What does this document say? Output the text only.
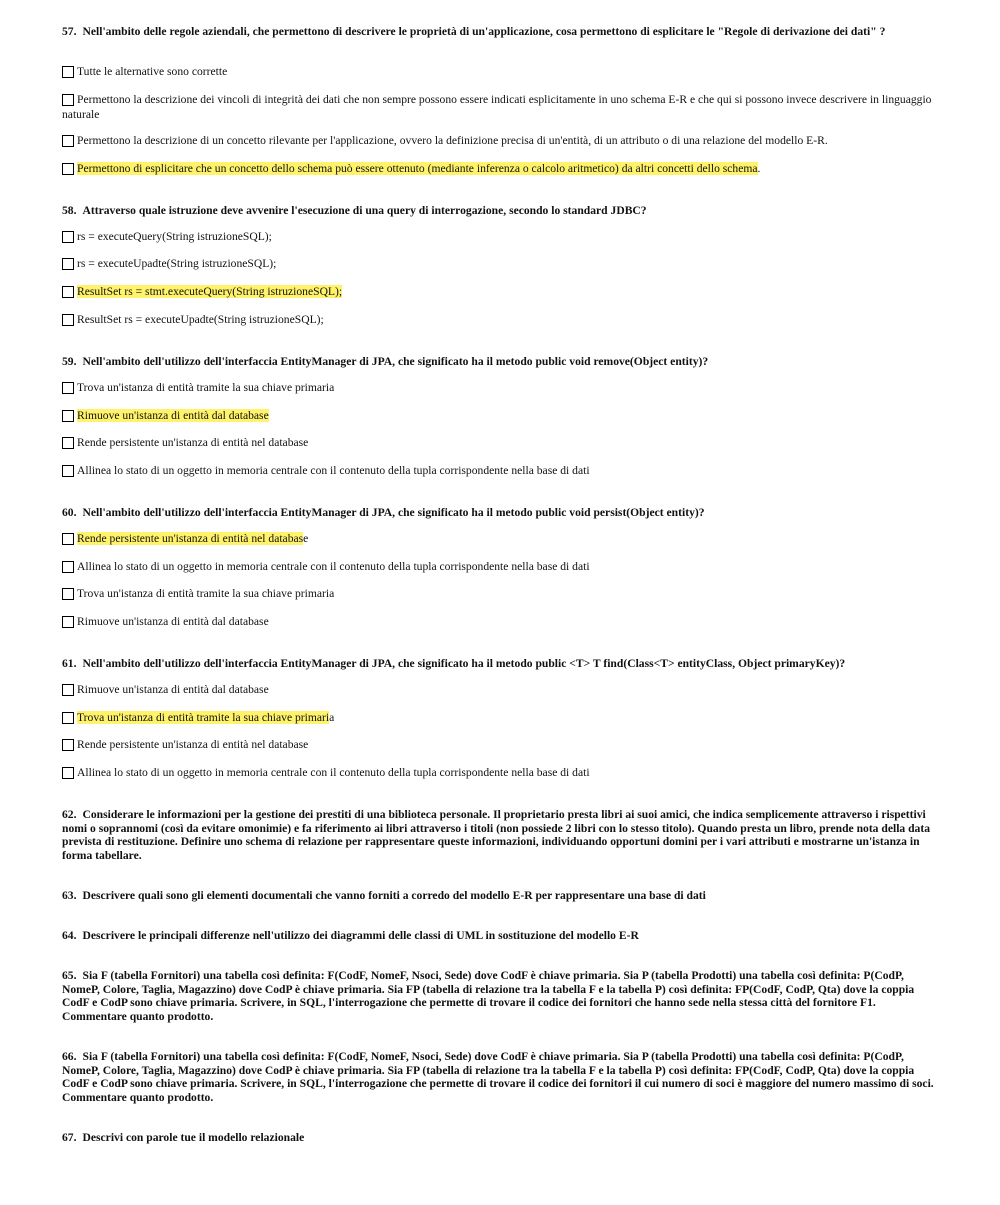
57. Nell'ambito delle regole aziendali, che permettono di descrivere le proprietà di un'applicazione, cosa permettono di esplicitare le "Regole di derivazione dei dati" ?
Tutte le alternative sono corrette
Permettono la descrizione dei vincoli di integrità dei dati che non sempre possono essere indicati esplicitamente in uno schema E-R e che qui si possono invece descrivere in linguaggio naturale
Permettono la descrizione di un concetto rilevante per l'applicazione, ovvero la definizione precisa di un'entità, di un attributo o di una relazione del modello E-R.
Permettono di esplicitare che un concetto dello schema può essere ottenuto (mediante inferenza o calcolo aritmetico) da altri concetti dello schema.
58. Attraverso quale istruzione deve avvenire l'esecuzione di una query di interrogazione, secondo lo standard JDBC?
rs = executeQuery(String istruzioneSQL);
rs = executeUpadte(String istruzioneSQL);
ResultSet rs = stmt.executeQuery(String istruzioneSQL);
ResultSet rs = executeUpadte(String istruzioneSQL);
59. Nell'ambito dell'utilizzo dell'interfaccia EntityManager di JPA, che significato ha il metodo public void remove(Object entity)?
Trova un'istanza di entità tramite la sua chiave primaria
Rimuove un'istanza di entità dal database
Rende persistente un'istanza di entità nel database
Allinea lo stato di un oggetto in memoria centrale con il contenuto della tupla corrispondente nella base di dati
60. Nell'ambito dell'utilizzo dell'interfaccia EntityManager di JPA, che significato ha il metodo public void persist(Object entity)?
Rende persistente un'istanza di entità nel database
Allinea lo stato di un oggetto in memoria centrale con il contenuto della tupla corrispondente nella base di dati
Trova un'istanza di entità tramite la sua chiave primaria
Rimuove un'istanza di entità dal database
61. Nell'ambito dell'utilizzo dell'interfaccia EntityManager di JPA, che significato ha il metodo public <T> T find(Class<T> entityClass, Object primaryKey)?
Rimuove un'istanza di entità dal database
Trova un'istanza di entità tramite la sua chiave primaria
Rende persistente un'istanza di entità nel database
Allinea lo stato di un oggetto in memoria centrale con il contenuto della tupla corrispondente nella base di dati
62. Considerare le informazioni per la gestione dei prestiti di una biblioteca personale. Il proprietario presta libri ai suoi amici, che indica semplicemente attraverso i rispettivi nomi o soprannomi (così da evitare omonimie) e fa riferimento ai libri attraverso i titoli (non possiede 2 libri con lo stesso titolo). Quando presta un libro, prende nota della data prevista di restituzione. Definire uno schema di relazione per rappresentare queste informazioni, individuando opportuni domini per i vari attributi e mostrarne un'istanza in forma tabellare.
63. Descrivere quali sono gli elementi documentali che vanno forniti a corredo del modello E-R per rappresentare una base di dati
64. Descrivere le principali differenze nell'utilizzo dei diagrammi delle classi di UML in sostituzione del modello E-R
65. Sia F (tabella Fornitori) una tabella così definita: F(CodF, NomeF, Nsoci, Sede) dove CodF è chiave primaria. Sia P (tabella Prodotti) una tabella così definita: P(CodP, NomeP, Colore, Taglia, Magazzino) dove CodP è chiave primaria. Sia FP (tabella di relazione tra la tabella F e la tabella P) così definita: FP(CodF, CodP, Qta) dove la coppia CodF e CodP sono chiave primaria. Scrivere, in SQL, l'interrogazione che permette di trovare il codice dei fornitori che hanno sede nella stessa città del fornitore F1. Commentare quanto prodotto.
66. Sia F (tabella Fornitori) una tabella così definita: F(CodF, NomeF, Nsoci, Sede) dove CodF è chiave primaria. Sia P (tabella Prodotti) una tabella così definita: P(CodP, NomeP, Colore, Taglia, Magazzino) dove CodP è chiave primaria. Sia FP (tabella di relazione tra la tabella F e la tabella P) così definita: FP(CodF, CodP, Qta) dove la coppia CodF e CodP sono chiave primaria. Scrivere, in SQL, l'interrogazione che permette di trovare il codice dei fornitori il cui numero di soci è maggiore del numero massimo di soci. Commentare quanto prodotto.
67. Descrivi con parole tue il modello relazionale
